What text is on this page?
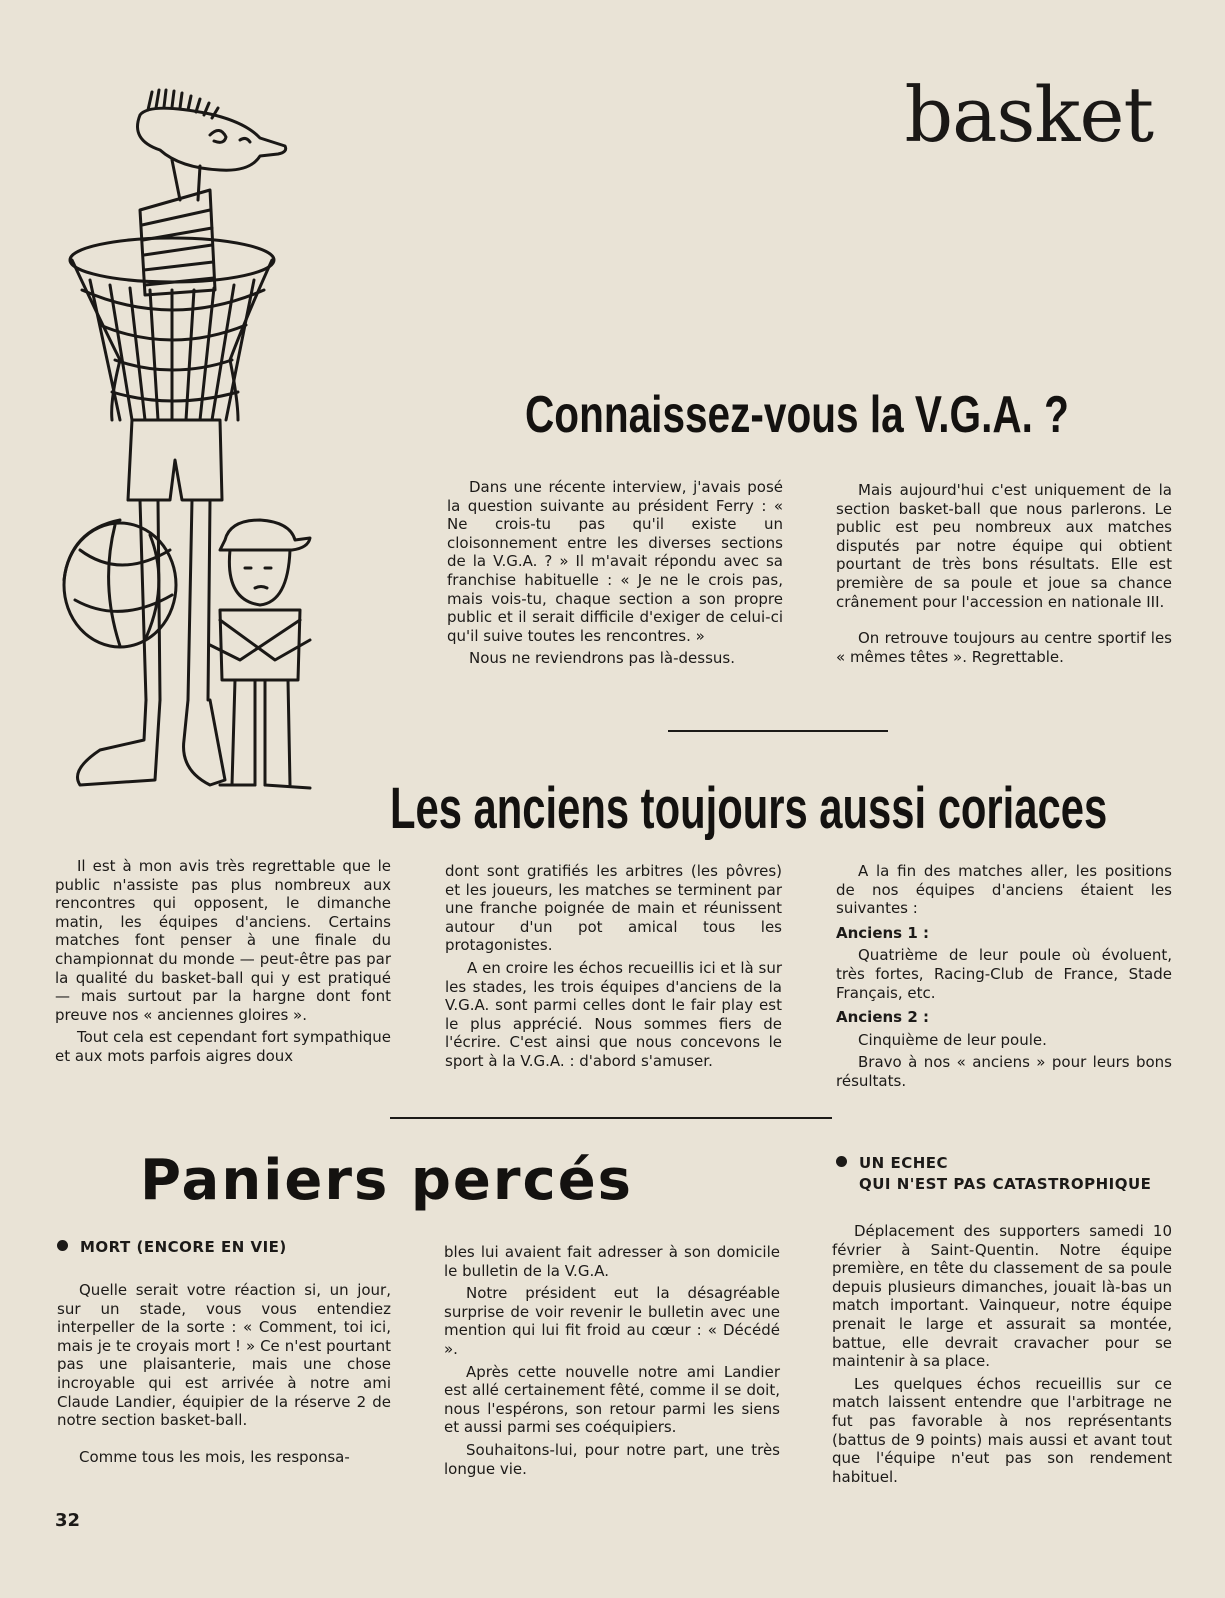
basket
Connaissez-vous la V.G.A. ?

Dans une récente interview, j'avais posé la question suivante au président Ferry : « Ne crois-tu pas qu'il existe un cloisonnement entre les diverses sections de la V.G.A. ? » Il m'avait répondu avec sa franchise habituelle : « Je ne le crois pas, mais vois-tu, chaque section a son propre public et il serait difficile d'exiger de celui-ci qu'il suive toutes les rencontres. »

Nous ne reviendrons pas là-dessus.

Mais aujourd'hui c'est uniquement de la section basket-ball que nous parlerons. Le public est peu nombreux aux matches disputés par notre équipe qui obtient pourtant de très bons résultats. Elle est première de sa poule et joue sa chance crânement pour l'accession en nationale III.

On retrouve toujours au centre sportif les « mêmes têtes ». Regrettable.

Les anciens toujours aussi coriaces

Il est à mon avis très regrettable que le public n'assiste pas plus nombreux aux rencontres qui opposent, le dimanche matin, les équipes d'anciens. Certains matches font penser à une finale du championnat du monde — peut-être pas par la qualité du basket-ball qui y est pratiqué — mais surtout par la hargne dont font preuve nos « anciennes gloires ».

Tout cela est cependant fort sympathique et aux mots parfois aigres doux

dont sont gratifiés les arbitres (les pôvres) et les joueurs, les matches se terminent par une franche poignée de main et réunissent autour d'un pot amical tous les protagonistes.

A en croire les échos recueillis ici et là sur les stades, les trois équipes d'anciens de la V.G.A. sont parmi celles dont le fair play est le plus apprécié. Nous sommes fiers de l'écrire. C'est ainsi que nous concevons le sport à la V.G.A. : d'abord s'amuser.

A la fin des matches aller, les positions de nos équipes d'anciens étaient les suivantes :

Anciens 1 :

Quatrième de leur poule où évoluent, très fortes, Racing-Club de France, Stade Français, etc.

Anciens 2 :

Cinquième de leur poule.

Bravo à nos « anciens » pour leurs bons résultats.

Paniers percés
MORT (ENCORE EN VIE)

Quelle serait votre réaction si, un jour, sur un stade, vous vous entendiez interpeller de la sorte : « Comment, toi ici, mais je te croyais mort ! » Ce n'est pourtant pas une plaisanterie, mais une chose incroyable qui est arrivée à notre ami Claude Landier, équipier de la réserve 2 de notre section basket-ball.

Comme tous les mois, les responsa-

bles lui avaient fait adresser à son domicile le bulletin de la V.G.A.

Notre président eut la désagréable surprise de voir revenir le bulletin avec une mention qui lui fit froid au cœur : « Décédé ».

Après cette nouvelle notre ami Landier est allé certainement fêté, comme il se doit, nous l'espérons, son retour parmi les siens et aussi parmi ses coéquipiers.

Souhaitons-lui, pour notre part, une très longue vie.

UN ECHEC
QUI N'EST PAS CATASTROPHIQUE

Déplacement des supporters samedi 10 février à Saint-Quentin. Notre équipe première, en tête du classement de sa poule depuis plusieurs dimanches, jouait là-bas un match important. Vainqueur, notre équipe prenait le large et assurait sa montée, battue, elle devrait cravacher pour se maintenir à sa place.

Les quelques échos recueillis sur ce match laissent entendre que l'arbitrage ne fut pas favorable à nos représentants (battus de 9 points) mais aussi et avant tout que l'équipe n'eut pas son rendement habituel.

32
